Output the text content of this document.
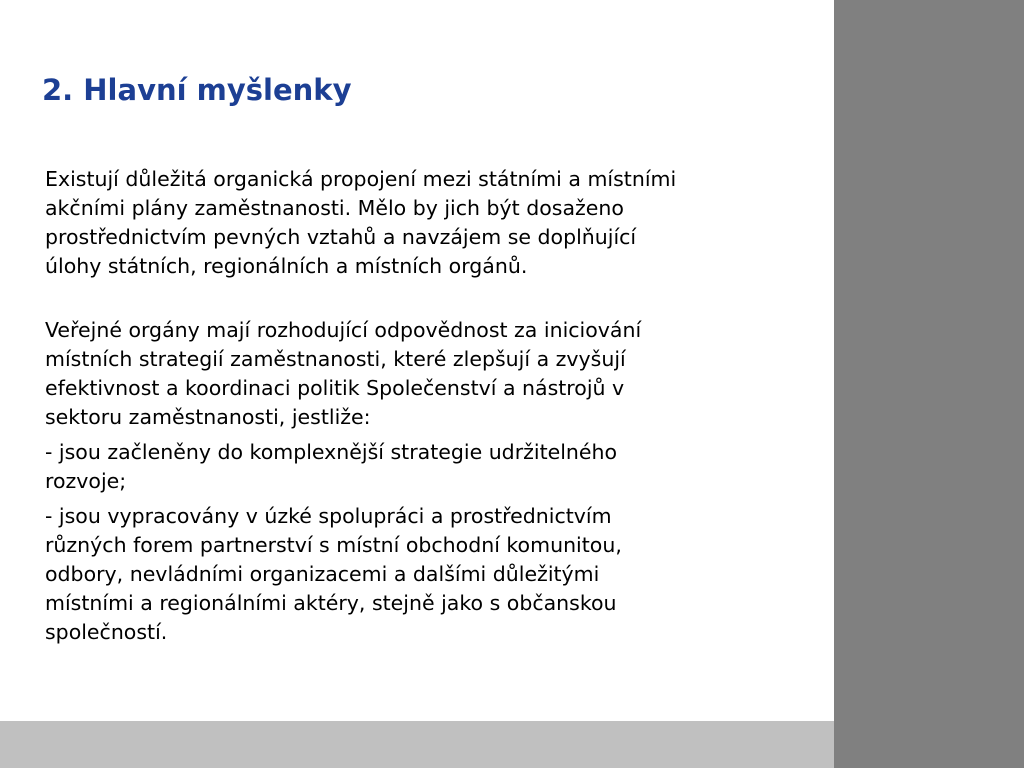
2. Hlavní myšlenky

Existují důležitá organická propojení mezi státními a místními
akčními plány zaměstnanosti. Mělo by jich být dosaženo
prostřednictvím pevných vztahů a navzájem se doplňující
úlohy státních, regionálních a místních orgánů.

Veřejné orgány mají rozhodující odpovědnost za iniciování
místních strategií zaměstnanosti, které zlepšují a zvyšují
efektivnost a koordinaci politik Společenství a nástrojů v
sektoru zaměstnanosti, jestliže:

- jsou začleněny do komplexnější strategie udržitelného
rozvoje;

- jsou vypracovány v úzké spolupráci a prostřednictvím
různých forem partnerství s místní obchodní komunitou,
odbory, nevládními organizacemi a dalšími důležitými
místními a regionálními aktéry, stejně jako s občanskou
společností.
